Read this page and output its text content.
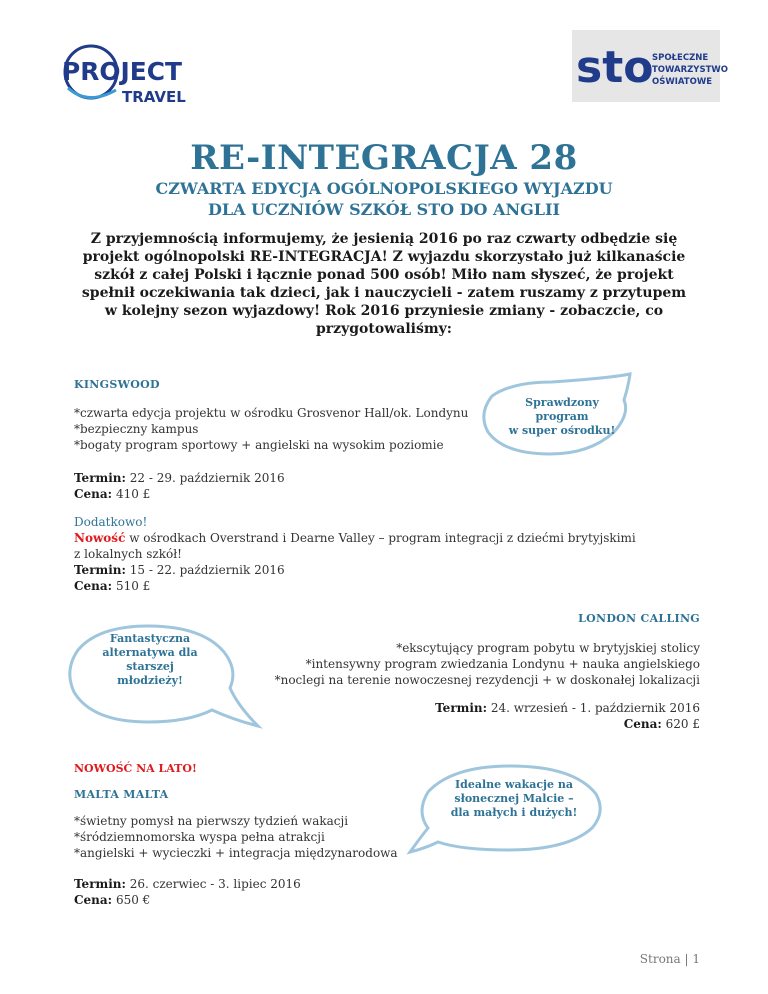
PROJECT
TRAVEL
sto
SPOŁECZNE
TOWARZYSTWO
OŚWIATOWE
RE-INTEGRACJA 28
CZWARTA EDYCJA OGÓLNOPOLSKIEGO WYJAZDU
DLA UCZNIÓW SZKÓŁ STO DO ANGLII
Z przyjemnością informujemy, że jesienią 2016 po raz czwarty odbędzie się projekt ogólnopolski RE-INTEGRACJA! Z wyjazdu skorzystało już kilkanaście szkół z całej Polski i łącznie ponad 500 osób! Miło nam słyszeć, że projekt spełnił oczekiwania tak dzieci, jak i nauczycieli - zatem ruszamy z przytupem w kolejny sezon wyjazdowy! Rok 2016 przyniesie zmiany - zobaczcie, co przygotowaliśmy:
KINGSWOOD
*czwarta edycja projektu w ośrodku Grosvenor Hall/ok. Londynu
*bezpieczny kampus
*bogaty program sportowy + angielski na wysokim poziomie
Sprawdzony
program
w super ośrodku!
Termin: 22 - 29. październik 2016
Cena: 410 £
Dodatkowo!
Nowość w ośrodkach Overstrand i Dearne Valley – program integracji z dziećmi brytyjskimi
z lokalnych szkół!
Termin: 15 - 22. październik 2016
Cena: 510 £
LONDON CALLING
Fantastyczna
alternatywa dla
starszej
młodzieży!
*ekscytujący program pobytu w brytyjskiej stolicy
*intensywny program zwiedzania Londynu + nauka angielskiego
*noclegi na terenie nowoczesnej rezydencji + w doskonałej lokalizacji
Termin: 24. wrzesień - 1. październik 2016
Cena: 620 £
NOWOŚĆ NA LATO!
MALTA MALTA
Idealne wakacje na
słonecznej Malcie –
dla małych i dużych!
*świetny pomysł na pierwszy tydzień wakacji
*śródziemnomorska wyspa pełna atrakcji
*angielski + wycieczki + integracja międzynarodowa
Termin: 26. czerwiec - 3. lipiec 2016
Cena: 650 €
Strona | 1
